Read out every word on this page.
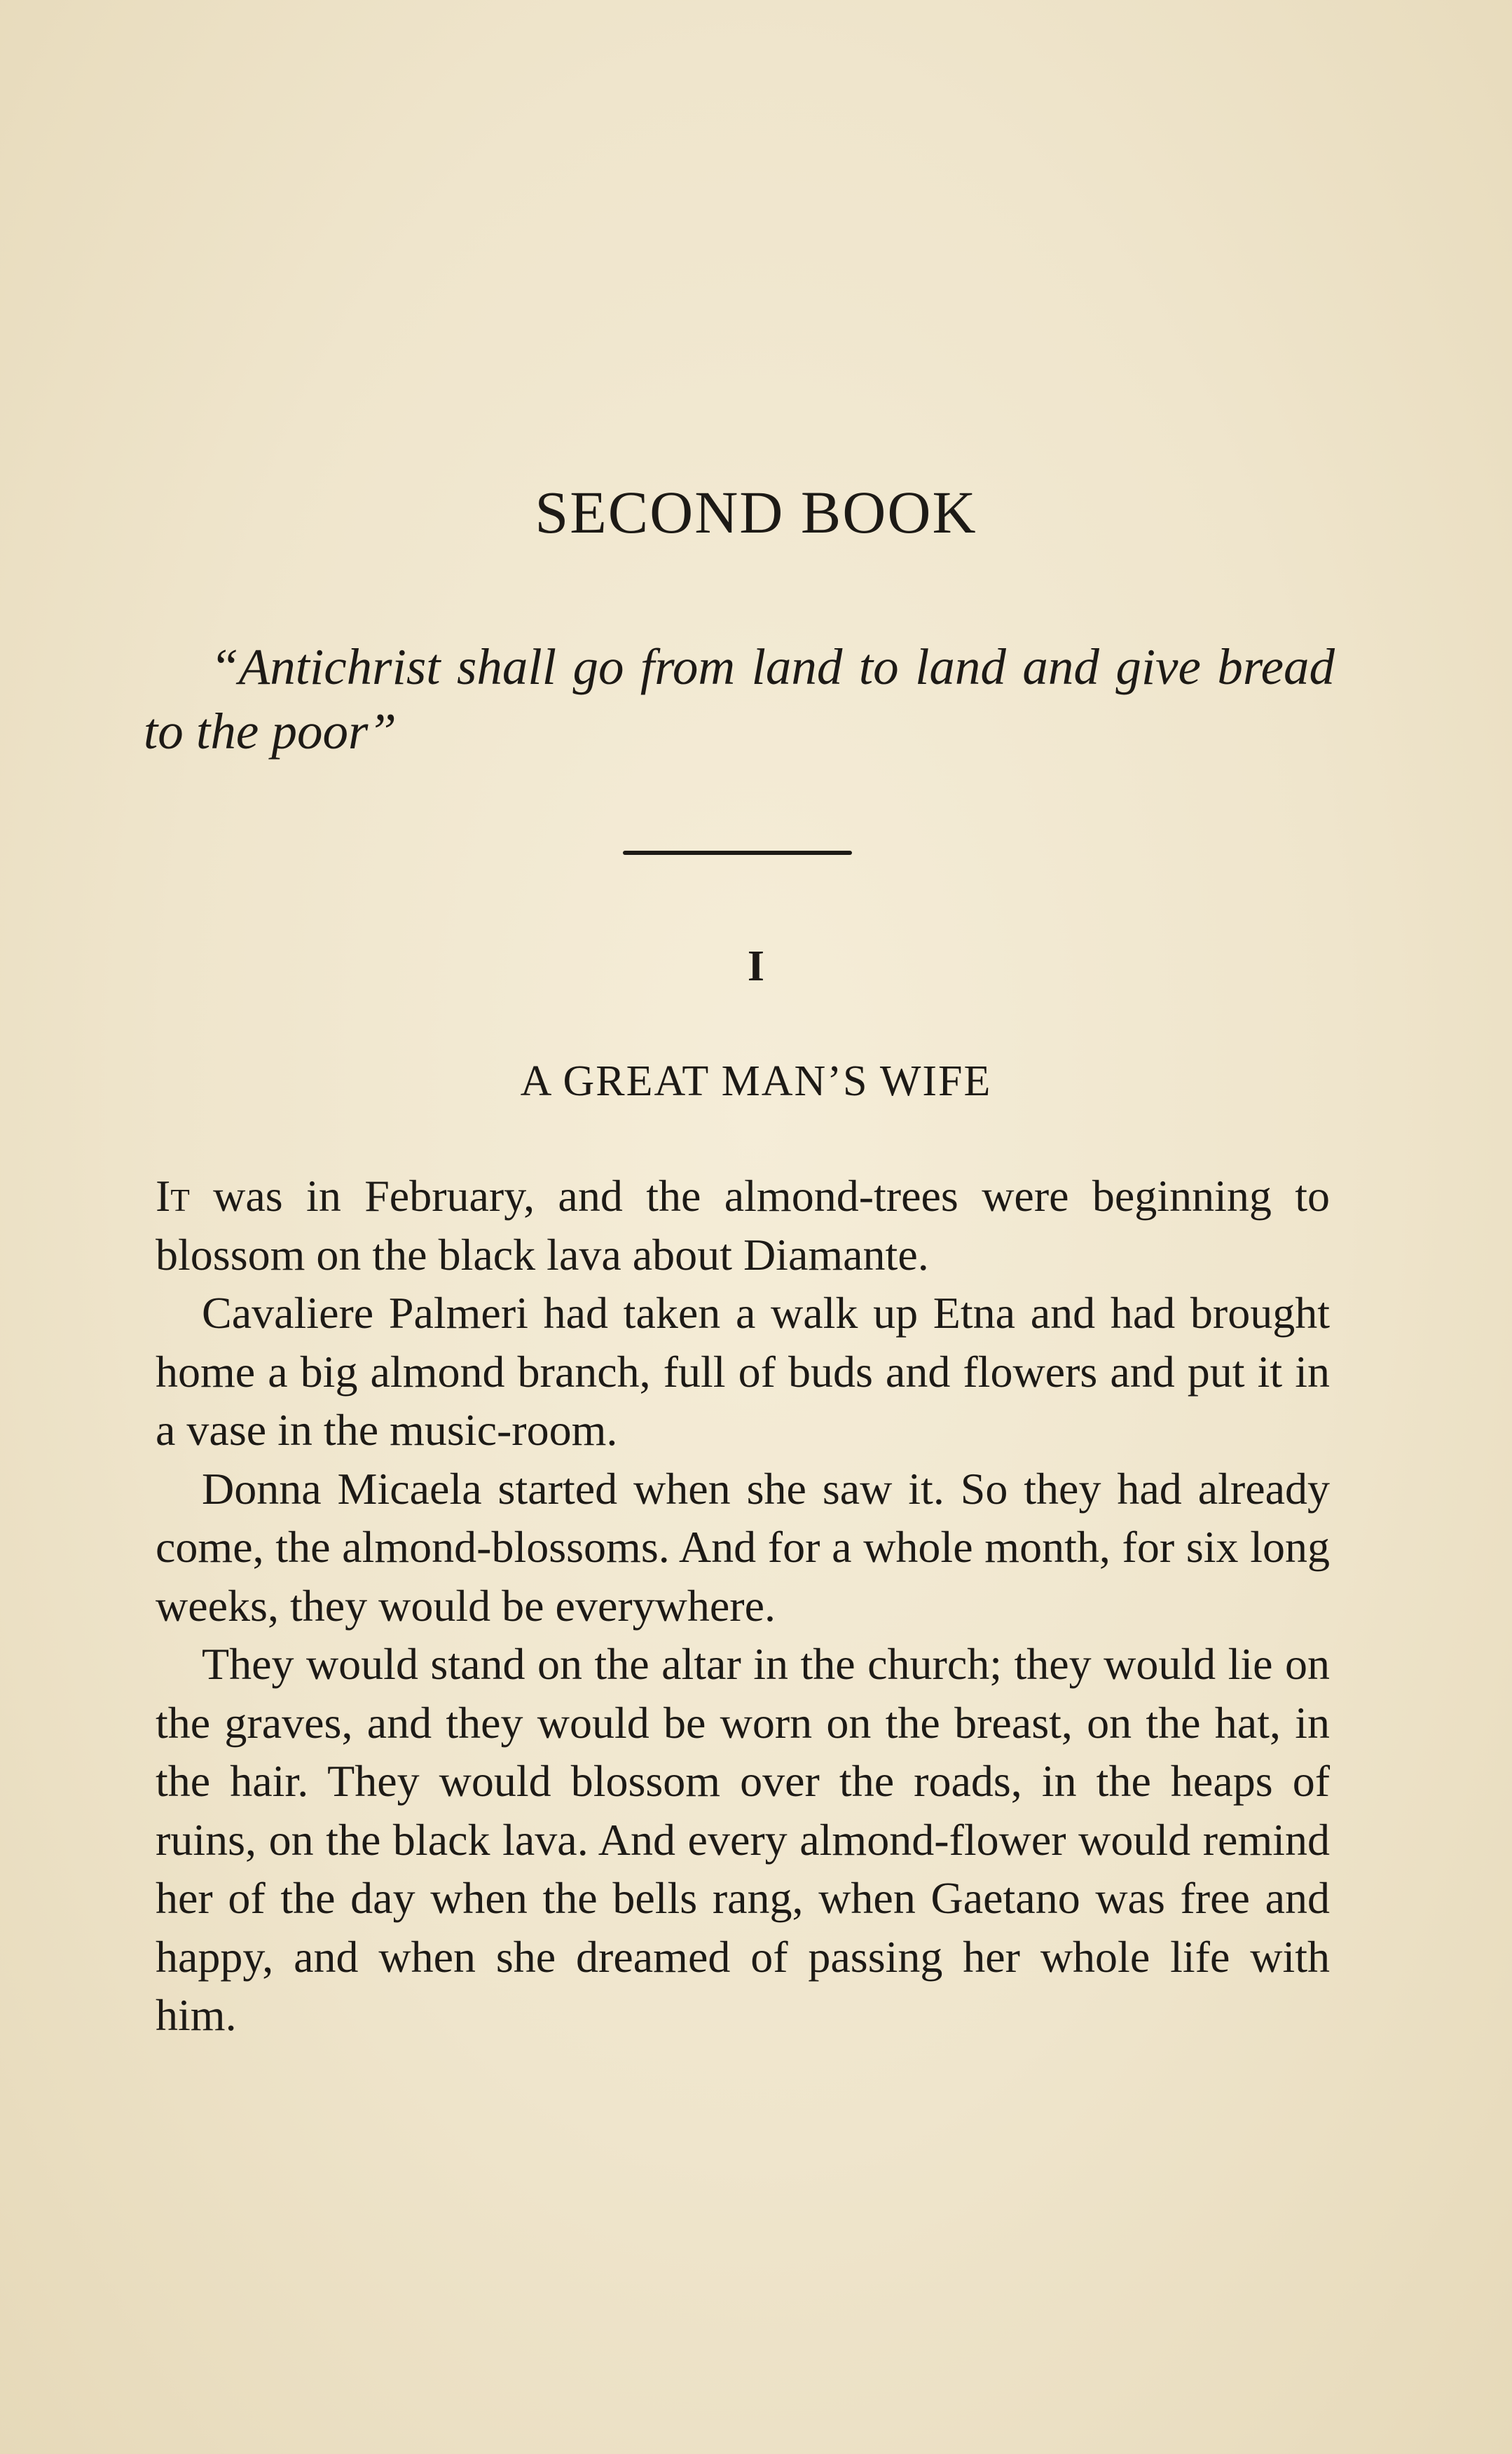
SECOND BOOK
“Antichrist shall go from land to land and give bread to the poor”
I
A GREAT MAN’S WIFE

It was in February, and the almond-trees were beginning to blossom on the black lava about Diamante.

Cavaliere Palmeri had taken a walk up Etna and had brought home a big almond branch, full of buds and flowers and put it in a vase in the music-room.

Donna Micaela started when she saw it. So they had already come, the almond-blossoms. And for a whole month, for six long weeks, they would be everywhere.

They would stand on the altar in the church; they would lie on the graves, and they would be worn on the breast, on the hat, in the hair. They would blossom over the roads, in the heaps of ruins, on the black lava. And every almond-flower would remind her of the day when the bells rang, when Gaetano was free and happy, and when she dreamed of passing her whole life with him.
